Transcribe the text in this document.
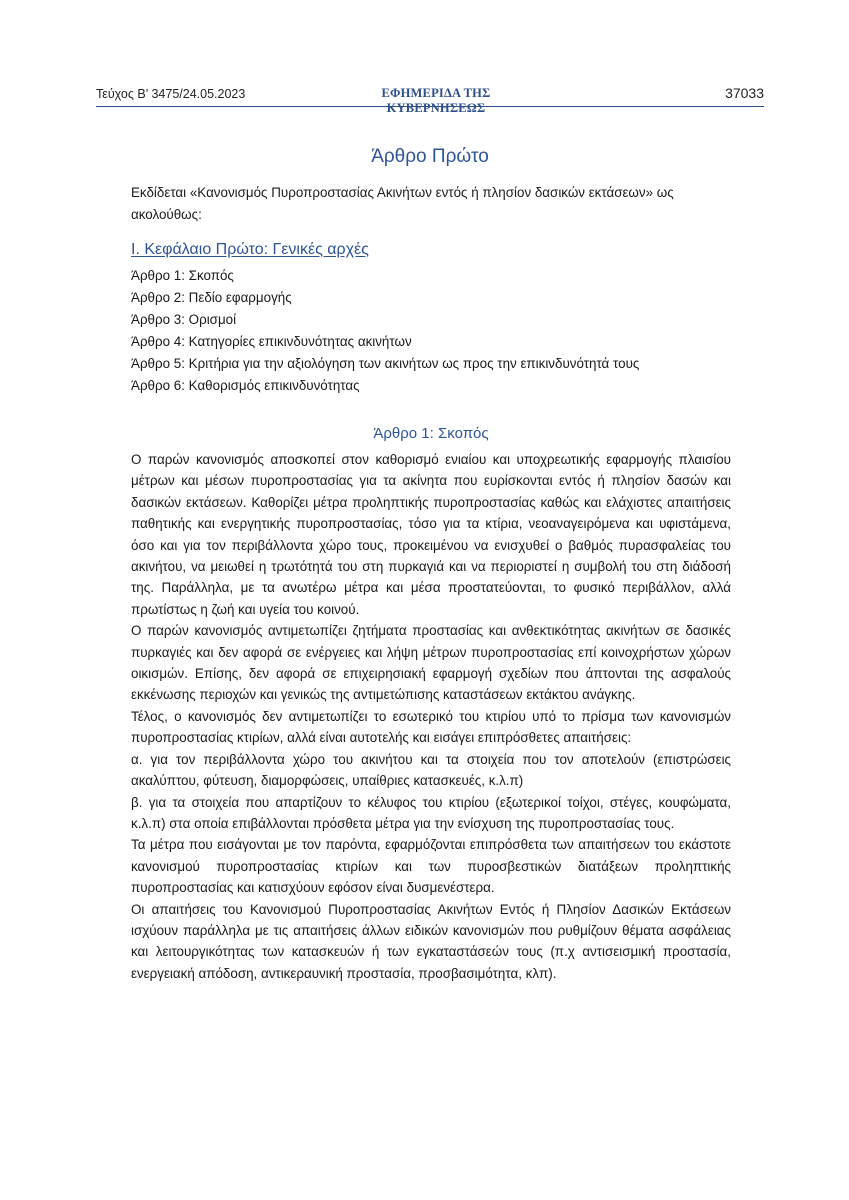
Τεύχος Β’ 3475/24.05.2023	ΕΦΗΜΕΡΙΔΑ ΤΗΣ ΚΥΒΕΡΝΗΣΕΩΣ
37033
Άρθρο Πρώτο
Εκδίδεται «Κανονισμός Πυροπροστασίας Ακινήτων εντός ή πλησίον δασικών εκτάσεων» ως ακολούθως:
Ι. Κεφάλαιο Πρώτο: Γενικές αρχές
Άρθρο 1: Σκοπός
Άρθρο 2: Πεδίο εφαρμογής
Άρθρο 3: Ορισμοί
Άρθρο 4: Κατηγορίες επικινδυνότητας ακινήτων
Άρθρο 5: Κριτήρια για την αξιολόγηση των ακινήτων ως προς την επικινδυνότητά τους
Άρθρο 6: Καθορισμός επικινδυνότητας
Άρθρο 1: Σκοπός

Ο παρών κανονισμός αποσκοπεί στον καθορισμό ενιαίου και υποχρεωτικής εφαρμογής πλαισίου μέτρων και μέσων πυροπροστασίας για τα ακίνητα που ευρίσκονται εντός ή πλησίον δασών και δασικών εκτάσεων. Καθορίζει μέτρα προληπτικής πυροπροστασίας καθώς και ελάχιστες απαιτήσεις παθητικής και ενεργητικής πυροπροστασίας, τόσο για τα κτίρια, νεοαναγειρόμενα και υφιστάμενα, όσο και για τον περιβάλλοντα χώρο τους, προκειμένου να ενισχυθεί ο βαθμός πυρασφαλείας του ακινήτου, να μειωθεί η τρωτότητά του στη πυρκαγιά και να περιοριστεί η συμβολή του στη διάδοσή της. Παράλληλα, με τα ανωτέρω μέτρα και μέσα προστατεύονται, το φυσικό περιβάλλον, αλλά πρωτίστως η ζωή και υγεία του κοινού.

Ο παρών κανονισμός αντιμετωπίζει ζητήματα προστασίας και ανθεκτικότητας ακινήτων σε δασικές πυρκαγιές και δεν αφορά σε ενέργειες και λήψη μέτρων πυροπροστασίας επί κοινοχρήστων χώρων οικισμών. Επίσης, δεν αφορά σε επιχειρησιακή εφαρμογή σχεδίων που άπτονται της ασφαλούς εκκένωσης περιοχών και γενικώς της αντιμετώπισης καταστάσεων εκτάκτου ανάγκης.

Τέλος, ο κανονισμός δεν αντιμετωπίζει το εσωτερικό του κτιρίου υπό το πρίσμα των κανονισμών πυροπροστασίας κτιρίων, αλλά είναι αυτοτελής και εισάγει επιπρόσθετες απαιτήσεις:

α. για τον περιβάλλοντα χώρο του ακινήτου και τα στοιχεία που τον αποτελούν (επιστρώσεις ακαλύπτου, φύτευση, διαμορφώσεις, υπαίθριες κατασκευές, κ.λ.π)

β. για τα στοιχεία που απαρτίζουν το κέλυφος του κτιρίου (εξωτερικοί τοίχοι, στέγες, κουφώματα, κ.λ.π) στα οποία επιβάλλονται πρόσθετα μέτρα για την ενίσχυση της πυροπροστασίας τους.

Τα μέτρα που εισάγονται με τον παρόντα, εφαρμόζονται επιπρόσθετα των απαιτήσεων του εκάστοτε κανονισμού πυροπροστασίας κτιρίων και των πυροσβεστικών διατάξεων προληπτικής πυροπροστασίας και κατισχύουν εφόσον είναι δυσμενέστερα.

Οι απαιτήσεις του Κανονισμού Πυροπροστασίας Ακινήτων Εντός ή Πλησίον Δασικών Εκτάσεων ισχύουν παράλληλα με τις απαιτήσεις άλλων ειδικών κανονισμών που ρυθμίζουν θέματα ασφάλειας και λειτουργικότητας των κατασκευών ή των εγκαταστάσεών τους (π.χ αντισεισμική προστασία, ενεργειακή απόδοση, αντικεραυνική προστασία, προσβασιμότητα, κλπ).
